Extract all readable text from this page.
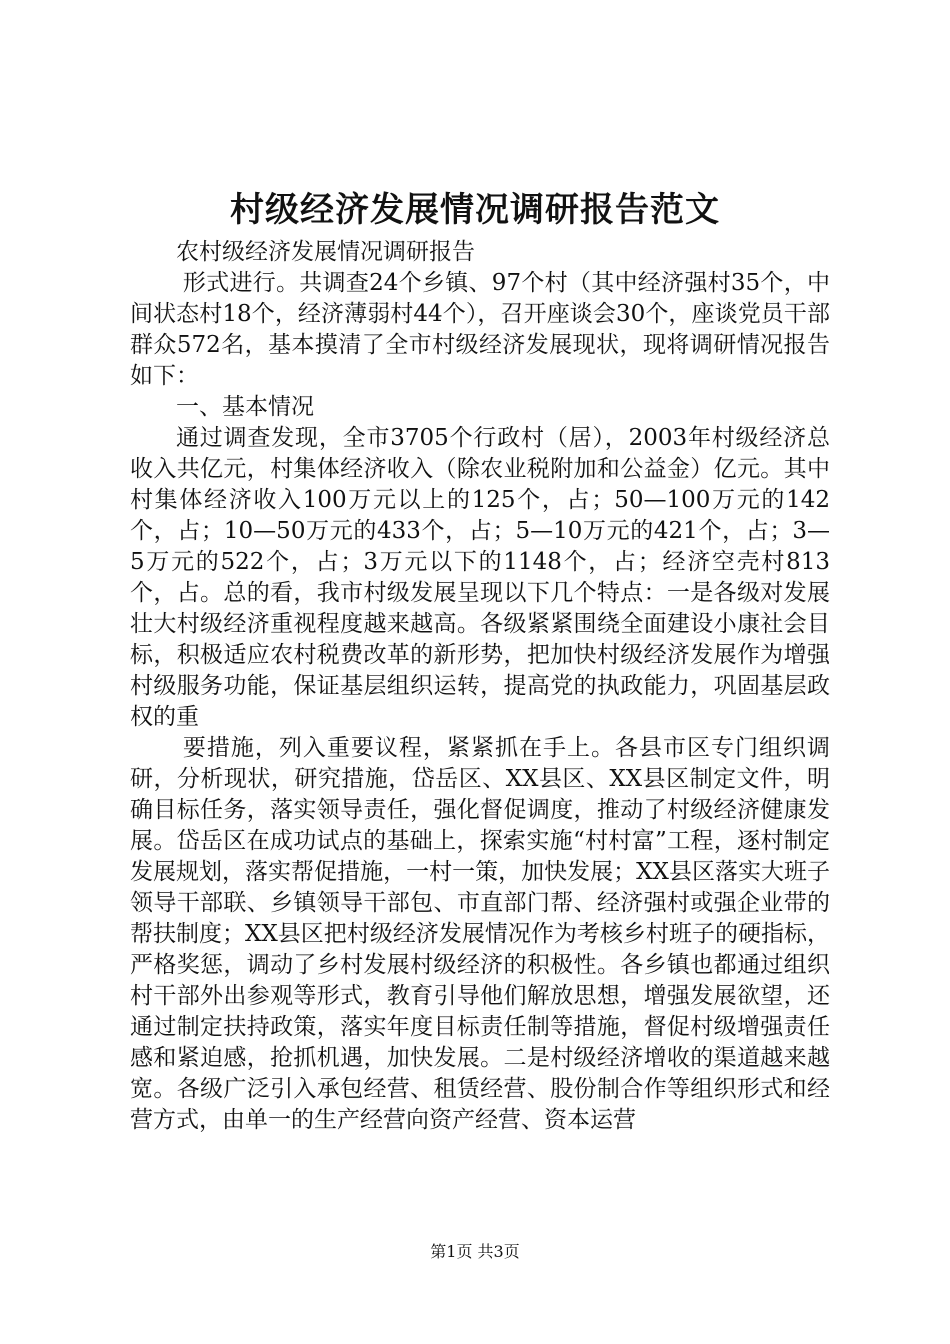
村级经济发展情况调研报告范文

农村级经济发展情况调研报告

形式进行。共调查24个乡镇、97个村（其中经济强村35个，中间状态村18个，经济薄弱村44个），召开座谈会30个，座谈党员干部群众572名，基本摸清了全市村级经济发展现状，现将调研情况报告如下：

一、基本情况

通过调查发现，全市3705个行政村（居），2003年村级经济总收入共亿元，村集体经济收入（除农业税附加和公益金）亿元。其中村集体经济收入100万元以上的125个，占；50—100万元的142个，占；10—50万元的433个，占；5—10万元的421个，占；3—5万元的522个，占；3万元以下的1148个，占；经济空壳村813个，占。总的看，我市村级发展呈现以下几个特点：一是各级对发展壮大村级经济重视程度越来越高。各级紧紧围绕全面建设小康社会目标，积极适应农村税费改革的新形势，把加快村级经济发展作为增强村级服务功能，保证基层组织运转，提高党的执政能力，巩固基层政权的重

要措施，列入重要议程，紧紧抓在手上。各县市区专门组织调研，分析现状，研究措施，岱岳区、XX县区、XX县区制定文件，明确目标任务，落实领导责任，强化督促调度，推动了村级经济健康发展。岱岳区在成功试点的基础上，探索实施“村村富”工程，逐村制定发展规划，落实帮促措施，一村一策，加快发展；XX县区落实大班子领导干部联、乡镇领导干部包、市直部门帮、经济强村或强企业带的帮扶制度；XX县区把村级经济发展情况作为考核乡村班子的硬指标，严格奖惩，调动了乡村发展村级经济的积极性。各乡镇也都通过组织村干部外出参观等形式，教育引导他们解放思想，增强发展欲望，还通过制定扶持政策，落实年度目标责任制等措施，督促村级增强责任感和紧迫感，抢抓机遇，加快发展。二是村级经济增收的渠道越来越宽。各级广泛引入承包经营、租赁经营、股份制合作等组织形式和经营方式，由单一的生产经营向资产经营、资本运营

第1页 共3页
